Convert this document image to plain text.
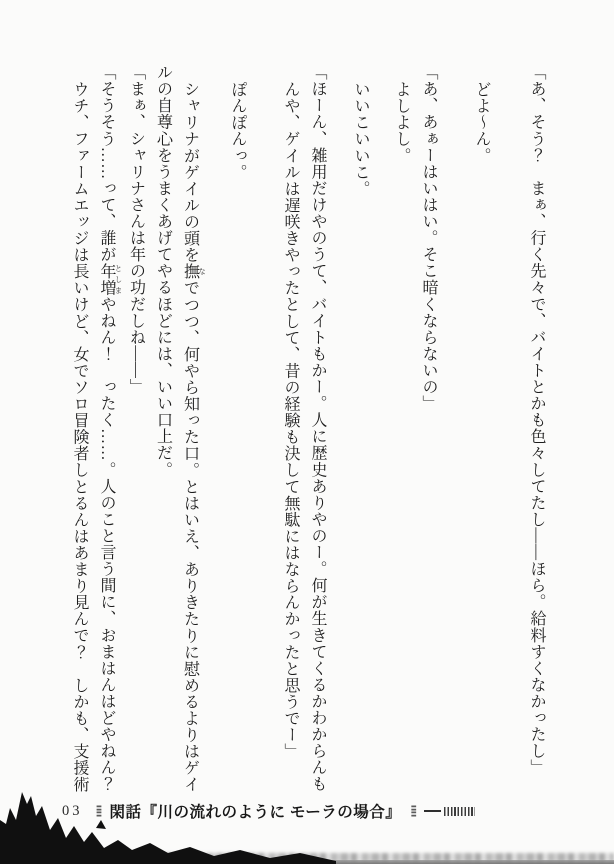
「あ、そう？　まぁ、行く先々で、バイトとかも色々してたし――ほら。給料すくなかったし」
どよ〜ん。
「あ、あぁーはいはい。そこ暗くならないの」
よしよし。
いいこいいこ。
「ほーん、雑用だけやのうて、バイトもかー。人に歴史ありやのー。何が生きてくるかわからんも
んや、ゲイルは遅咲きやったとして、昔の経験も決して無駄にはならんかったと思うでー」
ぽんぽんっ。
シャリナがゲイルの頭を撫 なでつつ、何やら知った口。とはいえ、ありきたりに慰めるよりはゲイ
ルの自尊心をうまくあげてやるほどには、いい口上だ。
「まぁ、シャリナさんは年の功だしね――」
「そうそう……って、誰が年増 としまやねん！　ったく……。人のこと言う間に、おまはんはどやねん？
ウチ、ファームエッジは長いけど、女でソロ冒険者しとるんはあまり見んで？　しかも、支援術
03 〓〓 閑話『川の流れのように モーラの場合』 〓〓
